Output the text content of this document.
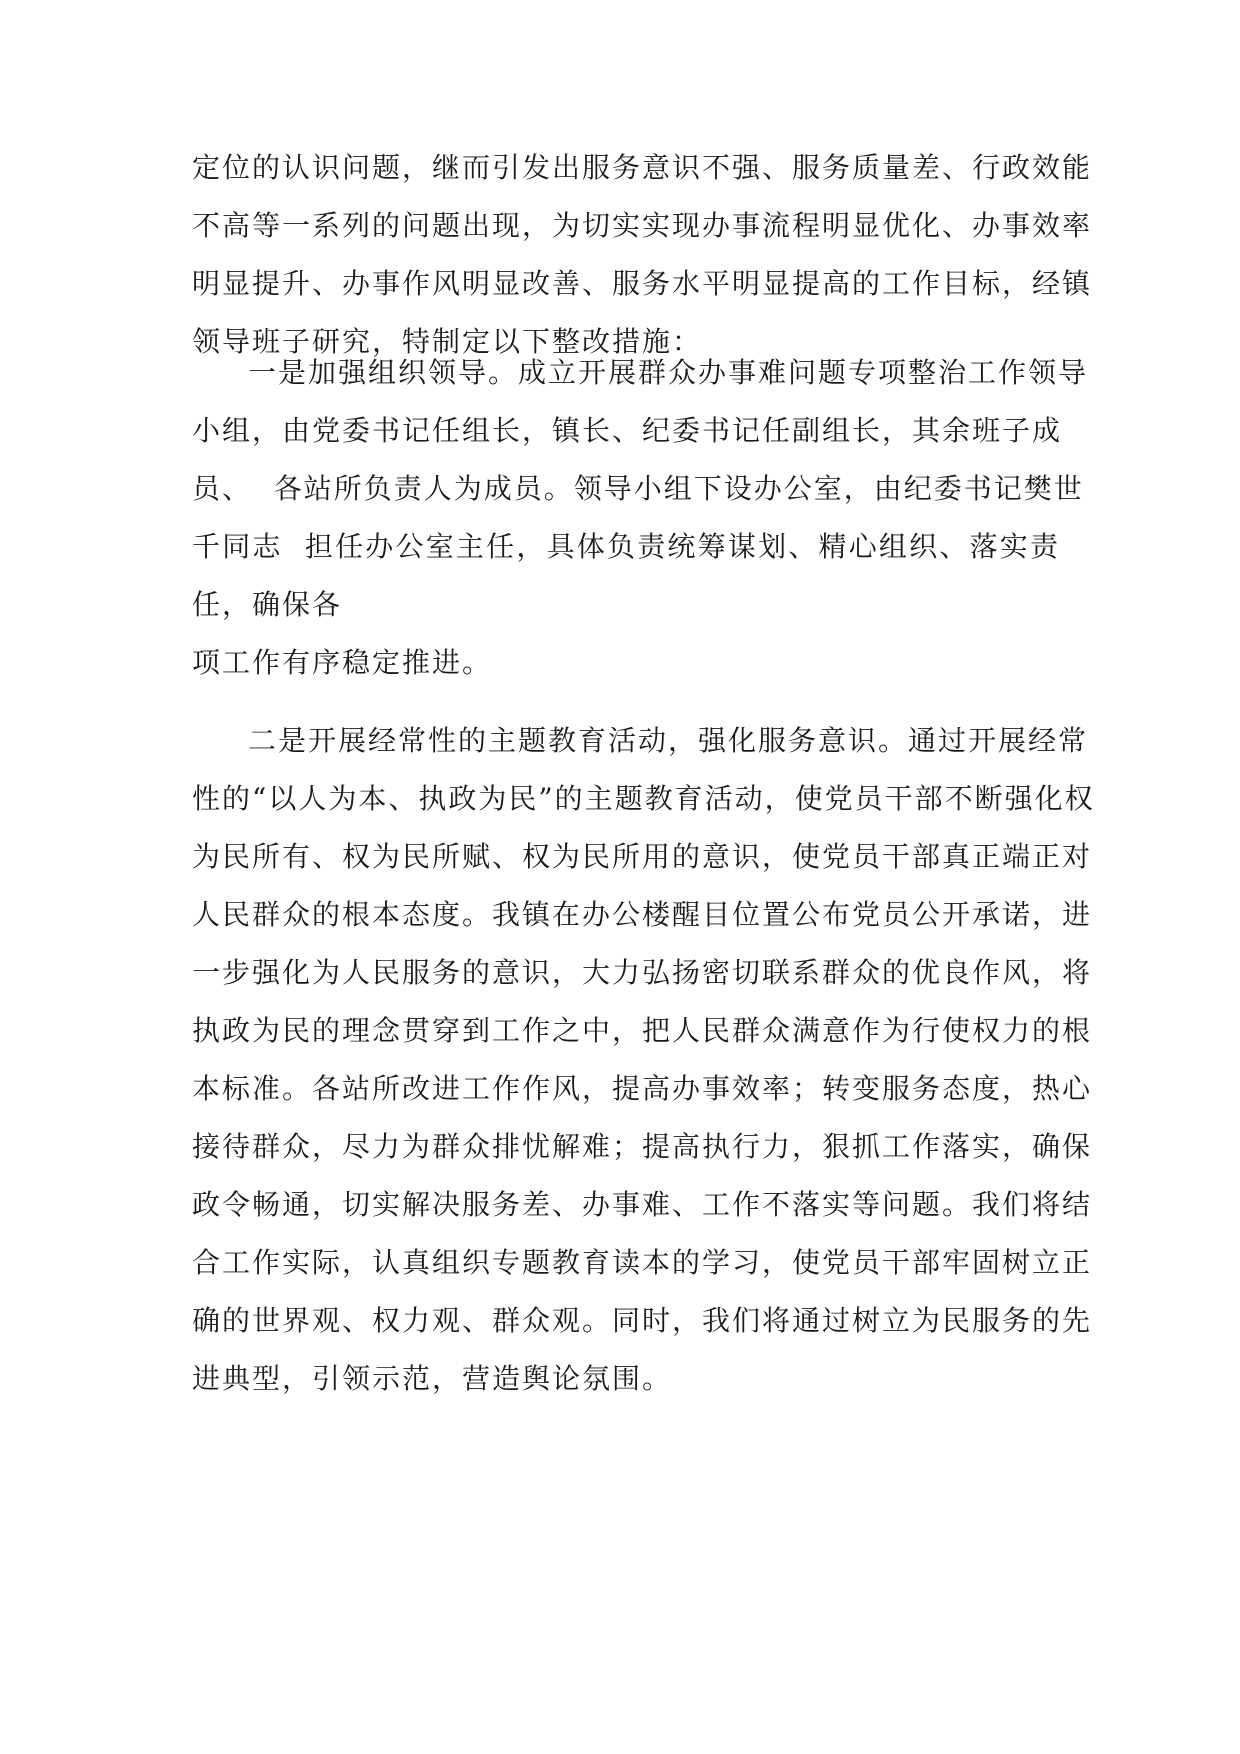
定位的认识问题，继而引发出服务意识不强、服务质量差、行政效能
不高等一系列的问题出现，为切实实现办事流程明显优化、办事效率
明显提升、办事作风明显改善、服务水平明显提高的工作目标，经镇
领导班子研究，特制定以下整改措施：
一是加强组织领导。成立开展群众办事难问题专项整治工作领导
小组，由党委书记任组长，镇长、纪委书记任副组长，其余班子成
员、  各站所负责人为成员。领导小组下设办公室，由纪委书记樊世
千同志  担任办公室主任，具体负责统筹谋划、精心组织、落实责
任，确保各
项工作有序稳定推进。
二是开展经常性的主题教育活动，强化服务意识。通过开展经常
性的“以人为本、执政为民”的主题教育活动，使党员干部不断强化权
为民所有、权为民所赋、权为民所用的意识，使党员干部真正端正对
人民群众的根本态度。我镇在办公楼醒目位置公布党员公开承诺，进
一步强化为人民服务的意识，大力弘扬密切联系群众的优良作风，将
执政为民的理念贯穿到工作之中，把人民群众满意作为行使权力的根
本标准。各站所改进工作作风，提高办事效率；转变服务态度，热心
接待群众，尽力为群众排忧解难；提高执行力，狠抓工作落实，确保
政令畅通，切实解决服务差、办事难、工作不落实等问题。我们将结
合工作实际，认真组织专题教育读本的学习，使党员干部牢固树立正
确的世界观、权力观、群众观。同时，我们将通过树立为民服务的先
进典型，引领示范，营造舆论氛围。
